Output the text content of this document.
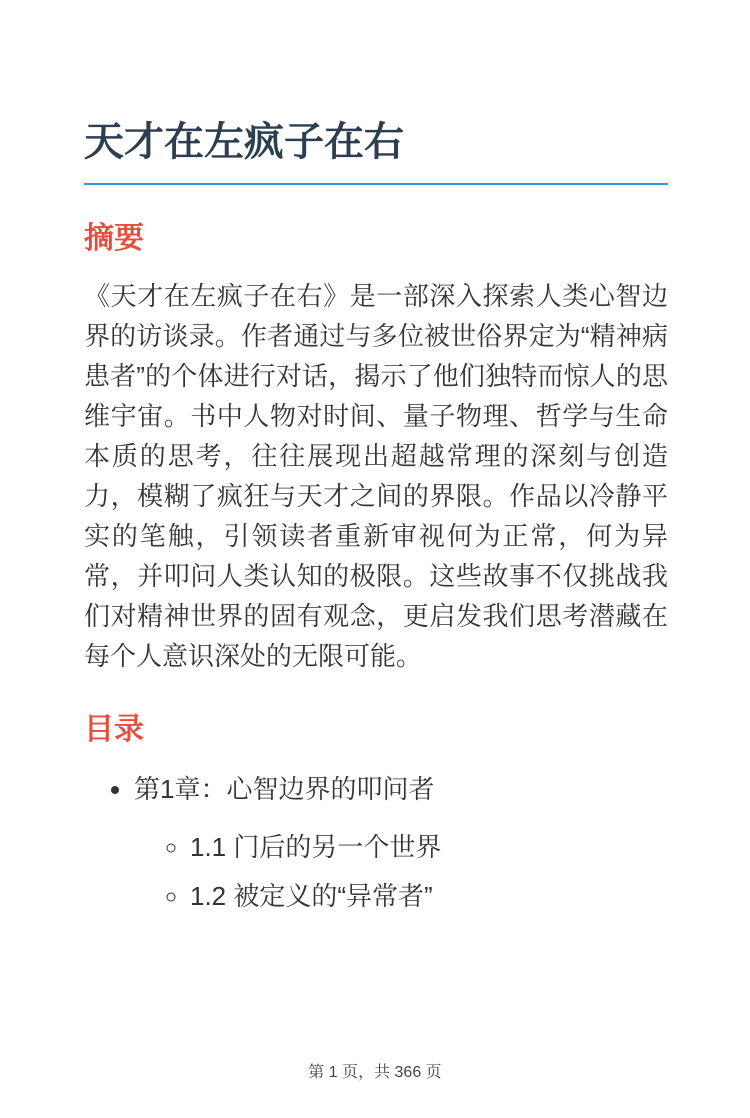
天才在左疯子在右
摘要

《天才在左疯子在右》是一部深入探索人类心智边界的访谈录。作者通过与多位被世俗界定为“精神病患者”的个体进行对话，揭示了他们独特而惊人的思维宇宙。书中人物对时间、量子物理、哲学与生命本质的思考，往往展现出超越常理的深刻与创造力，模糊了疯狂与天才之间的界限。作品以冷静平实的笔触，引领读者重新审视何为正常，何为异常，并叩问人类认知的极限。这些故事不仅挑战我们对精神世界的固有观念，更启发我们思考潜藏在每个人意识深处的无限可能。

目录
• 第1章：心智边界的叩问者
◦ 1.1 门后的另一个世界
◦ 1.2 被定义的“异常者”
第 1 页，共 366 页
